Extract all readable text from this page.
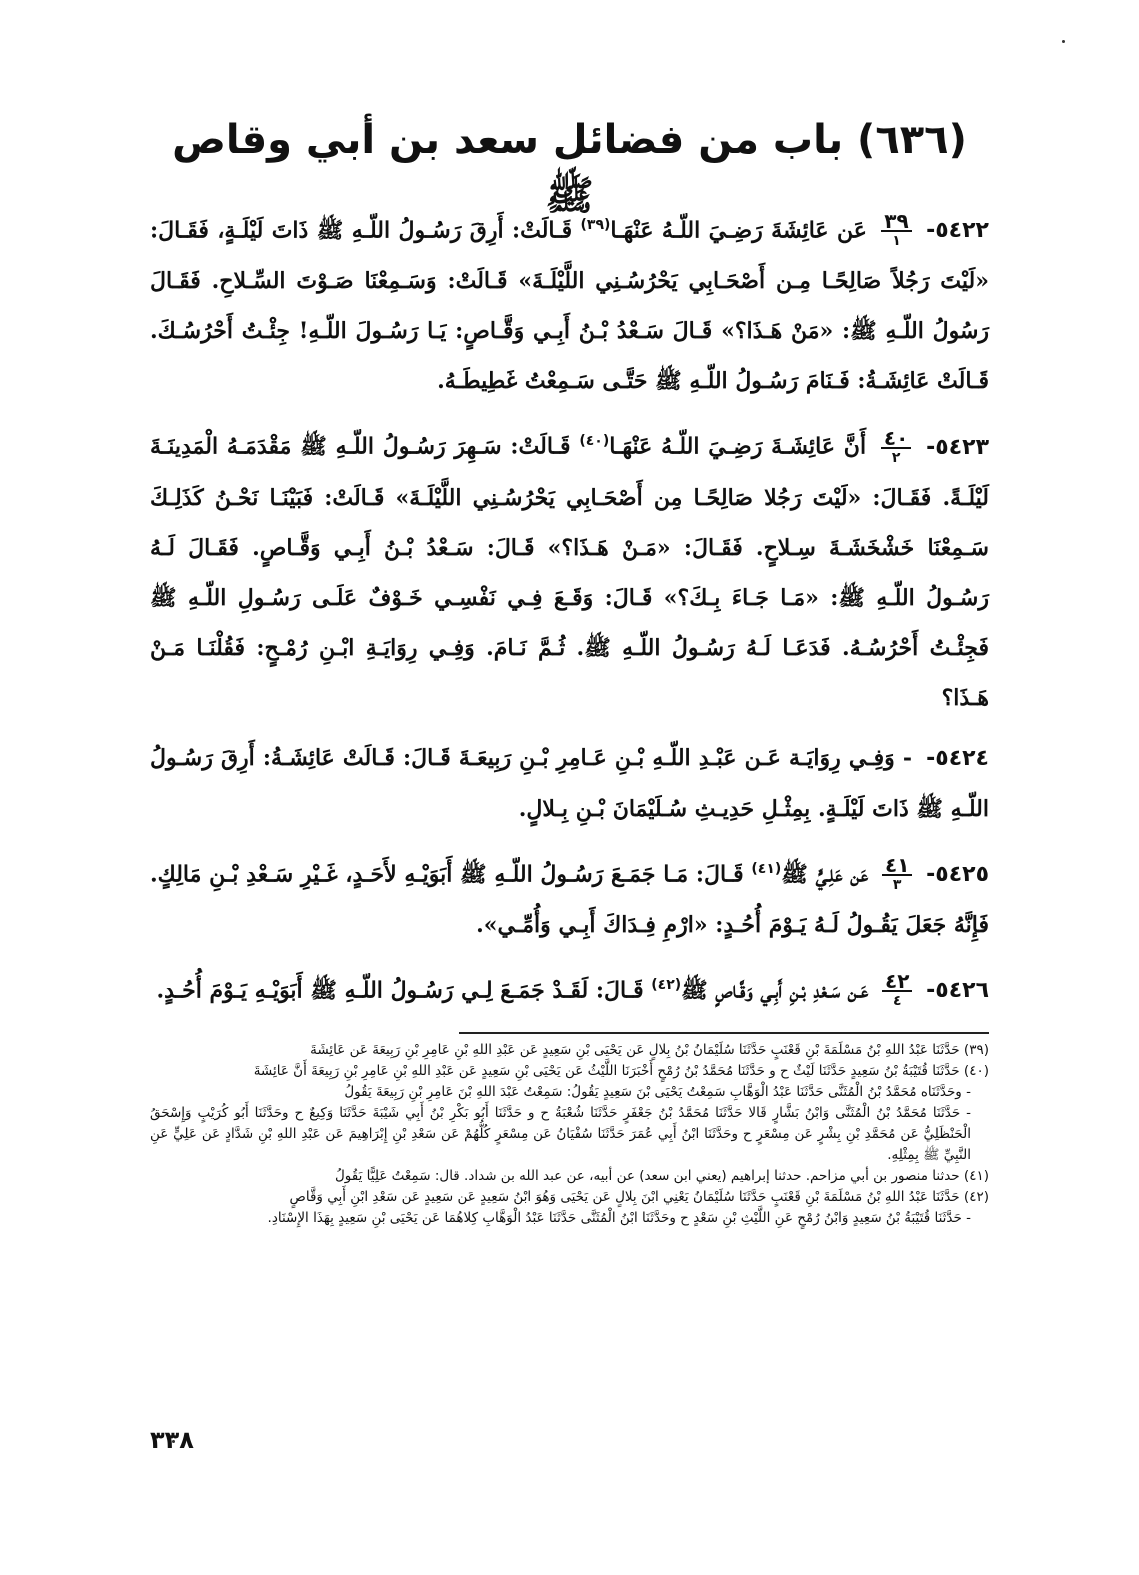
(٦٣٦) باب من فضائل سعد بن أبي وقاص ﷺ

٥٤٢٢-
$\frac{٣٩}{١}$
عَن عَائِشَةَ رَضِـيَ اللّـهُ عَنْهَـا$^{(٣٩)}$ قَـالَتْ: أَرِقَ رَسُـولُ اللّـهِ ﷺ ذَاتَ لَيْلَـةٍ، فَقَـالَ: «لَيْتَ رَجُلاً صَالِحًـا مِـن أَصْحَـابِي يَحْرُسُـنِي اللَّيْلَـةَ» قَـالَتْ: وَسَـمِعْنَا صَـوْتَ السِّـلاحِ. فَقَـالَ رَسُولُ اللّـهِ ﷺ: «مَنْ هَـذَا؟» قَـالَ سَـعْدُ بْـنُ أَبِـي وَقَّـاصٍ: يَـا رَسُـولَ اللّـهِ! جِئْـتُ أَحْرُسُـكَ. قَـالَتْ عَائِشَـةُ: فَـنَامَ رَسُـولُ اللّـهِ ﷺ حَتَّـى سَـمِعْتُ غَطِيطَـهُ.

٥٤٢٣-
$\frac{٤٠}{٢}$
أَنَّ عَائِشَـةَ رَضِـيَ اللّـهُ عَنْهَـا$^{(٤٠)}$ قَـالَتْ: سَـهِرَ رَسُـولُ اللّـهِ ﷺ مَقْدَمَـهُ الْمَدِينَـةَ لَيْلَـةً. فَقَـالَ: «لَيْتَ رَجُلا صَالِحًـا مِن أَصْحَـابِي يَحْرُسُـنِي اللَّيْلَـةَ» قَـالَتْ: فَبَيْنَـا نَحْـنُ كَذَلِـكَ سَـمِعْنَا خَشْخَشَـةَ سِـلاحٍ. فَقَـالَ: «مَـنْ هَـذَا؟» قَـالَ: سَـعْدُ بْـنُ أَبِـي وَقَّـاصٍ. فَقَـالَ لَـهُ رَسُـولُ اللّـهِ ﷺ: «مَـا جَـاءَ بِـكَ؟» قَـالَ: وَقَـعَ فِـي نَفْسِـي خَـوْفٌ عَلَـى رَسُـولِ اللّـهِ ﷺ فَجِئْـتُ أَحْرُسُـهُ. فَدَعَـا لَـهُ رَسُـولُ اللّـهِ ﷺ. ثُـمَّ نَـامَ. وَفِـي رِوَايَـةِ ابْـنِ رُمْـحٍ: فَقُلْنَـا مَـنْ هَـذَا؟

٥٤٢٤- - وَفِـي رِوَايَـة عَـن عَبْـدِ اللّـهِ بْـنِ عَـامِرِ بْـنِ رَبِيعَـةَ قَـالَ: قَـالَتْ عَائِشَـةُ: أَرِقَ رَسُـولُ اللّـهِ ﷺ ذَاتَ لَيْلَـةٍ. بِمِثْـلِ حَدِيـثِ سُـلَيْمَانَ بْـنِ بِـلالٍ.

٥٤٢٥-
$\frac{٤١}{٣}$
عَن عَلِـيٍّ ﷺ$^{(٤١)}$ قَـالَ: مَـا جَمَـعَ رَسُـولُ اللّـهِ ﷺ أَبَوَيْـهِ لأَحَـدٍ، غَـيْرِ سَـعْدِ بْـنِ مَالِكٍ. فَإِنَّهُ جَعَلَ يَقُـولُ لَـهُ يَـوْمَ أُحُـدٍ: «ارْمِ فِـدَاكَ أَبِـي وَأُمِّـي».

٥٤٢٦-
$\frac{٤٢}{٤}$
عَـن سَـعْدِ بْـنِ أَبِـي وَقَّـاصٍ ﷺ$^{(٤٢)}$ قَـالَ: لَقَـدْ جَمَـعَ لِـي رَسُـولُ اللّـهِ ﷺ أَبَوَيْـهِ يَـوْمَ أُحُـدٍ.

(٣٩) حَدَّثَنَا عَبْدُ اللهِ بْنُ مَسْلَمَةَ بْنِ قَعْنَبٍ حَدَّثَنَا سُلَيْمَانُ بْنُ بِلالٍ عَن يَحْيَى بْنِ سَعِيدٍ عَن عَبْدِ اللهِ بْنِ عَامِرِ بْنِ رَبِيعَةَ عَن عَائِشَةَ

(٤٠) حَدَّثَنَا قُتَيْبَةُ بْنُ سَعِيدٍ حَدَّثَنَا لَيْثٌ ح و حَدَّثَنَا مُحَمَّدُ بْنُ رُمْحٍ أَخْبَرَنَا اللَّيْثُ عَن يَحْيَى بْنِ سَعِيدٍ عَن عَبْدِ اللهِ بْنِ عَامِرِ بْنِ رَبِيعَةَ أَنَّ عَائِشَةَ

- وحَدَّثَنَاه مُحَمَّدُ بْنُ الْمُثَنَّى حَدَّثَنَا عَبْدُ الْوَهَّابِ سَمِعْتُ يَحْيَى بْنَ سَعِيدٍ يَقُولُ: سَمِعْتُ عَبْدَ اللهِ بْنَ عَامِرِ بْنِ رَبِيعَةَ يَقُولُ

- حَدَّثَنَا مُحَمَّدُ بْنُ الْمُثَنَّى وَابْنُ بَشَّارٍ قَالا حَدَّثَنَا مُحَمَّدُ بْنُ جَعْفَرٍ حَدَّثَنَا شُعْبَةُ ح و حَدَّثَنَا أَبُو بَكْرِ بْنُ أَبِي شَيْبَةَ حَدَّثَنَا وَكِيعٌ ح وحَدَّثَنَا أَبُو كُرَيْبٍ وَإِسْحَقُ الْحَنْظَلِيُّ عَن مُحَمَّدِ بْنِ بِشْرٍ عَن مِسْعَرٍ ح وحَدَّثَنَا ابْنُ أَبِي عُمَرَ حَدَّثَنَا سُفْيَانُ عَن مِسْعَرٍ كُلُّهُمْ عَن سَعْدِ بْنِ إِبْرَاهِيمَ عَن عَبْدِ اللهِ بْنِ شَدَّادٍ عَن عَلِيٍّ عَنِ النَّبِيِّ ﷺ بِمِثْلِهِ.

(٤١) حدثنا منصور بن أبي مزاحم. حدثنا إبراهيم (يعني ابن سعد) عن أبيه، عن عبد الله بن شداد. قال: سَمِعْتُ عَلِيًّا يَقُولُ

(٤٢) حَدَّثَنَا عَبْدُ اللهِ بْنُ مَسْلَمَةَ بْنِ قَعْنَبٍ حَدَّثَنَا سُلَيْمَانُ يَعْنِي ابْنَ بِلالٍ عَن يَحْيَى وَهُوَ ابْنُ سَعِيدٍ عَن سَعِيدٍ عَن سَعْدِ ابْنِ أَبِي وَقَّاصٍ

- حَدَّثَنَا قُتَيْبَةُ بْنُ سَعِيدٍ وَابْنُ رُمْحٍ عَنِ اللَّيْثِ بْنِ سَعْدٍ ح وحَدَّثَنَا ابْنُ الْمُثَنَّى حَدَّثَنَا عَبْدُ الْوَهَّابِ كِلاهُمَا عَن يَحْيَى بْنِ سَعِيدٍ بِهَذَا الإِسْنَادِ.

٣٣٨
